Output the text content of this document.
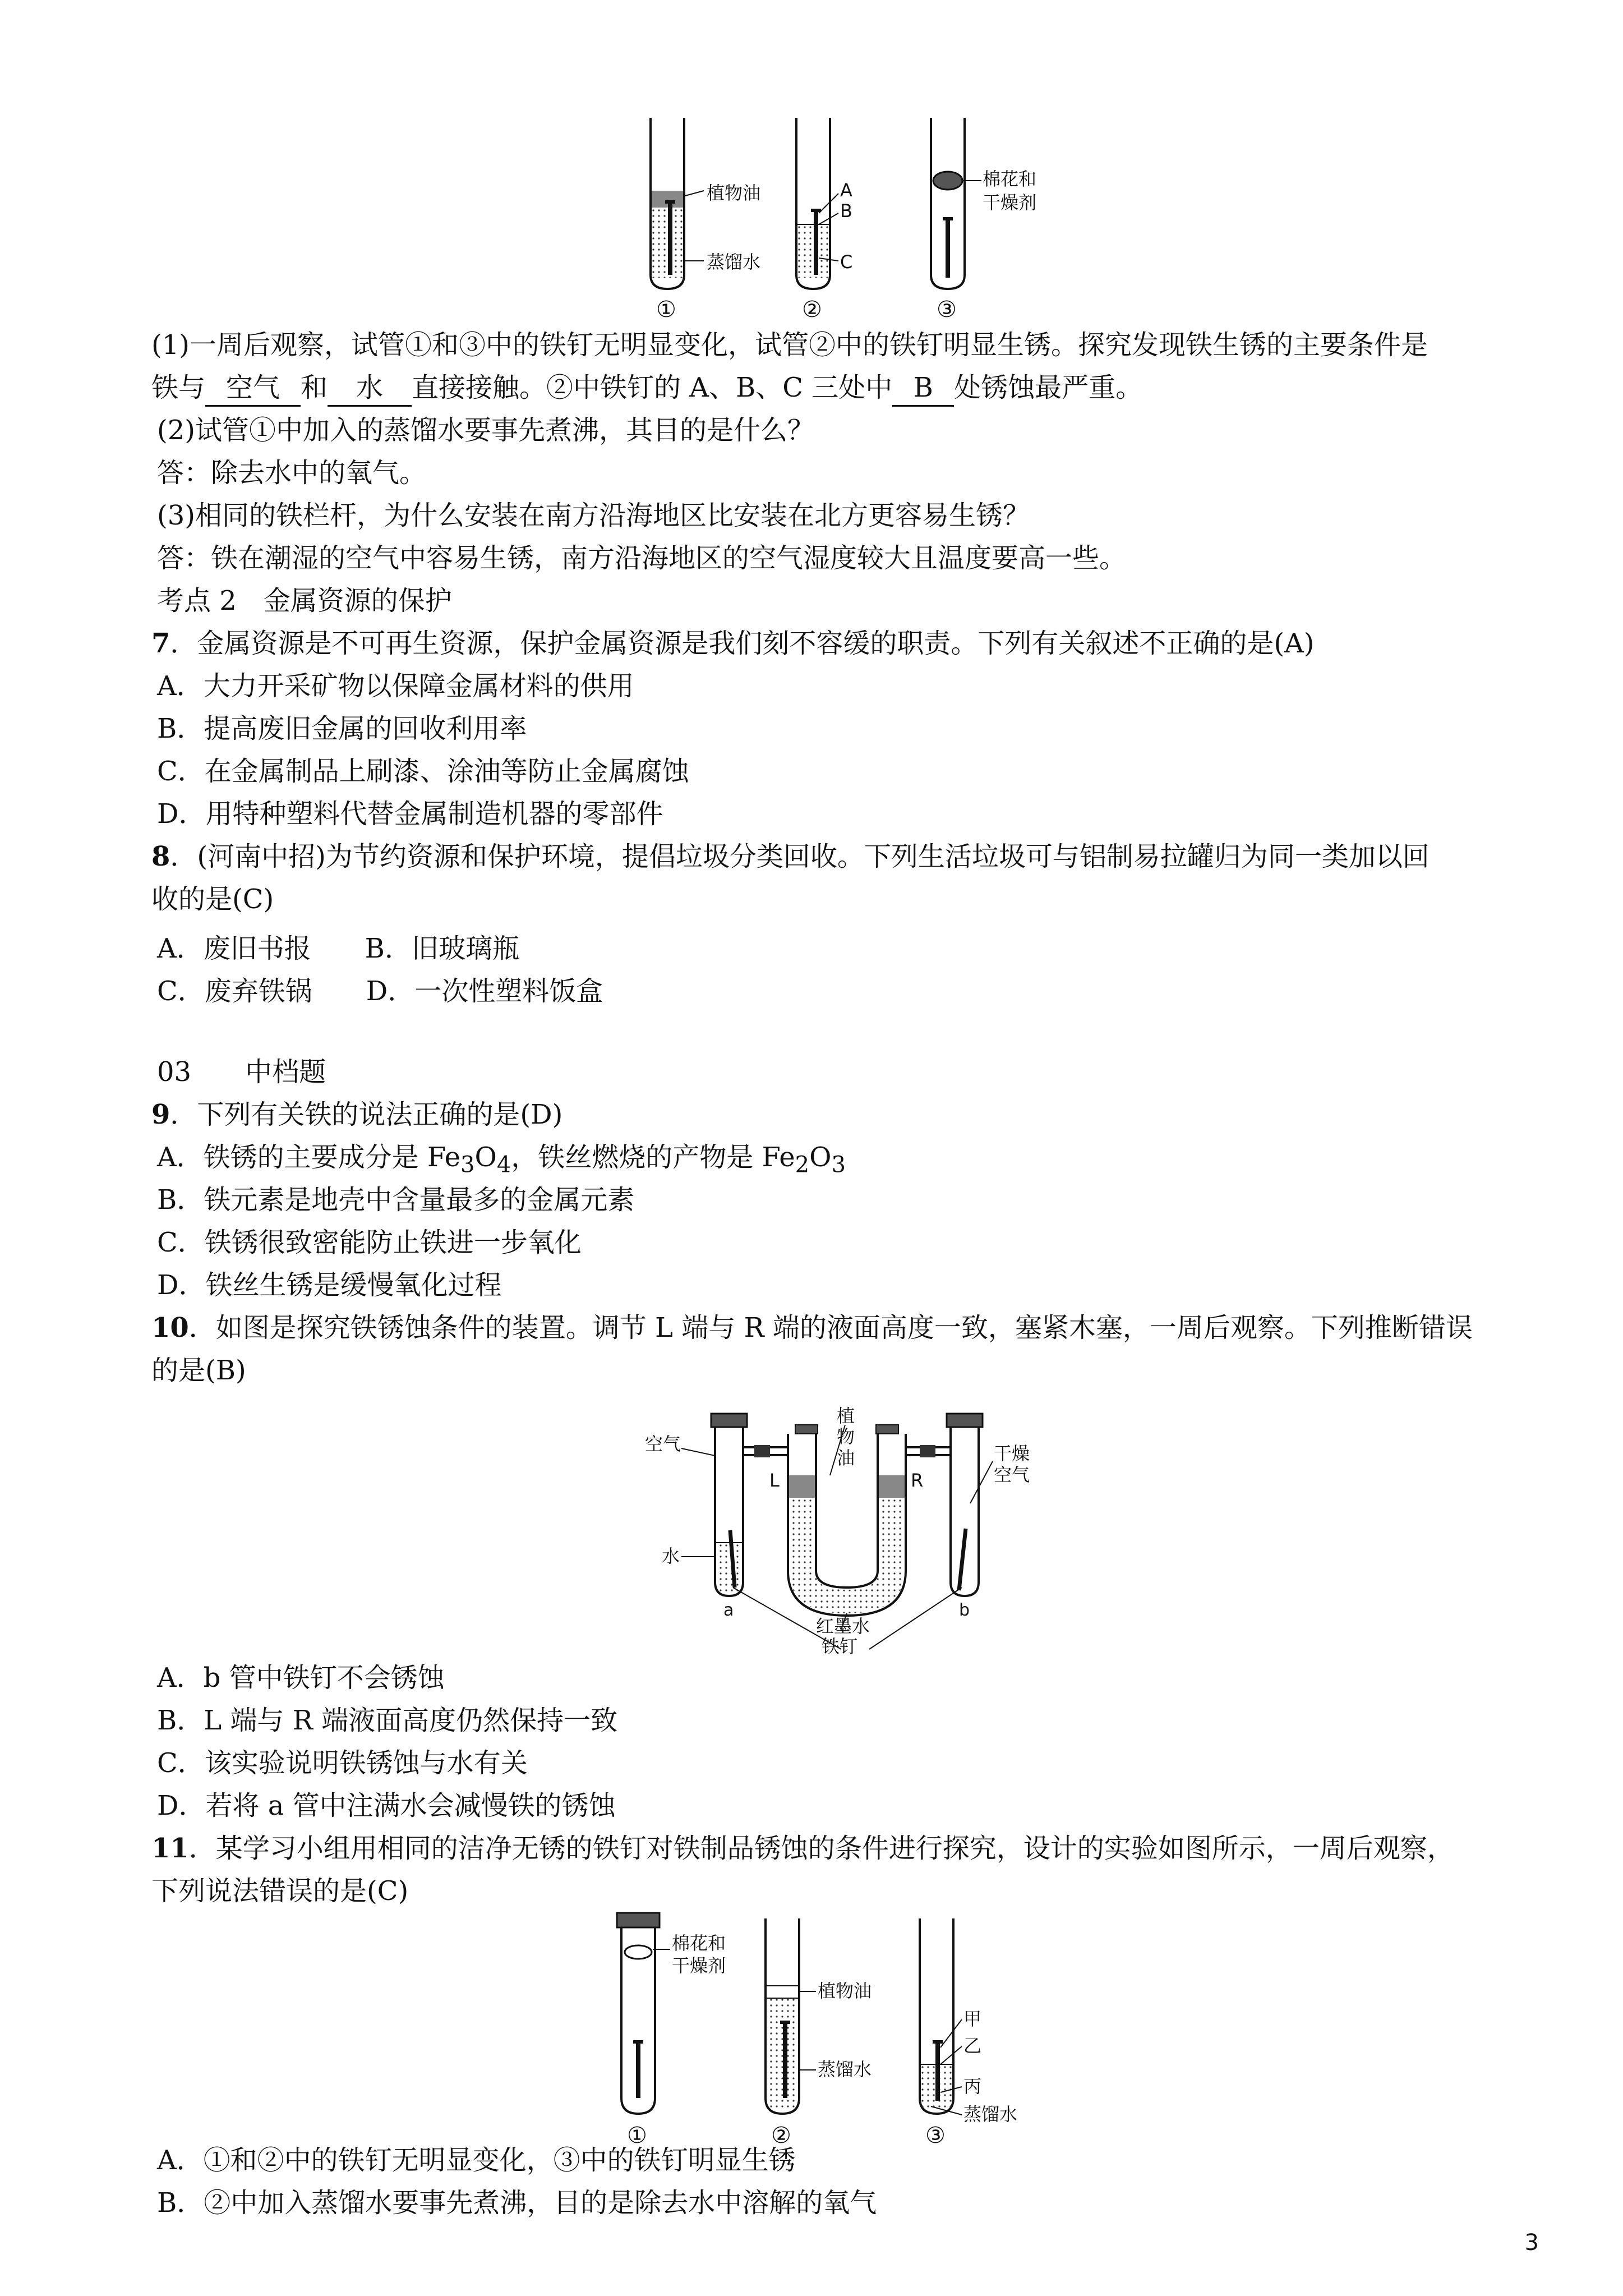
植物油
蒸馏水
A
B
C
棉花和
干燥剂
①	②	③
(1)一周后观察，试管①和③中的铁钉无明显变化，试管②中的铁钉明显生锈。探究发现铁生锈的主要条件是
铁与 空气 和 水 直接接触。②中铁钉的 A、B、C 三处中 B 处锈蚀最严重。
(2)试管①中加入的蒸馏水要事先煮沸，其目的是什么？
答：除去水中的氧气。
(3)相同的铁栏杆，为什么安装在南方沿海地区比安装在北方更容易生锈？
答：铁在潮湿的空气中容易生锈，南方沿海地区的空气湿度较大且温度要高一些。
考点 2　金属资源的保护
7．金属资源是不可再生资源，保护金属资源是我们刻不容缓的职责。下列有关叙述不正确的是(A)
A．大力开采矿物以保障金属材料的供用
B．提高废旧金属的回收利用率
C．在金属制品上刷漆、涂油等防止金属腐蚀
D．用特种塑料代替金属制造机器的零部件
8．(河南中招)为节约资源和保护环境，提倡垃圾分类回收。下列生活垃圾可与铝制易拉罐归为同一类加以回
收的是(C)
A．废旧书报　　B．旧玻璃瓶
C．废弃铁锅　　D．一次性塑料饭盒
03　　中档题
9．下列有关铁的说法正确的是(D)
A．铁锈的主要成分是 $Fe_3O_4$，铁丝燃烧的产物是 $Fe_2O_3$
B．铁元素是地壳中含量最多的金属元素
C．铁锈很致密能防止铁进一步氧化
D．铁丝生锈是缓慢氧化过程
10．如图是探究铁锈蚀条件的装置。调节 L 端与 R 端的液面高度一致，塞紧木塞，一周后观察。下列推断错误
的是(B)
空气
水
植
物
油
L	R
干燥
空气
a	b
红墨水
铁钉
A．b 管中铁钉不会锈蚀
B．L 端与 R 端液面高度仍然保持一致
C．该实验说明铁锈蚀与水有关
D．若将 a 管中注满水会减慢铁的锈蚀
11．某学习小组用相同的洁净无锈的铁钉对铁制品锈蚀的条件进行探究，设计的实验如图所示，一周后观察，
下列说法错误的是(C)
棉花和
干燥剂
植物油
蒸馏水
甲
乙
丙
蒸馏水
①	②	③
A．①和②中的铁钉无明显变化，③中的铁钉明显生锈
B．②中加入蒸馏水要事先煮沸，目的是除去水中溶解的氧气
3
